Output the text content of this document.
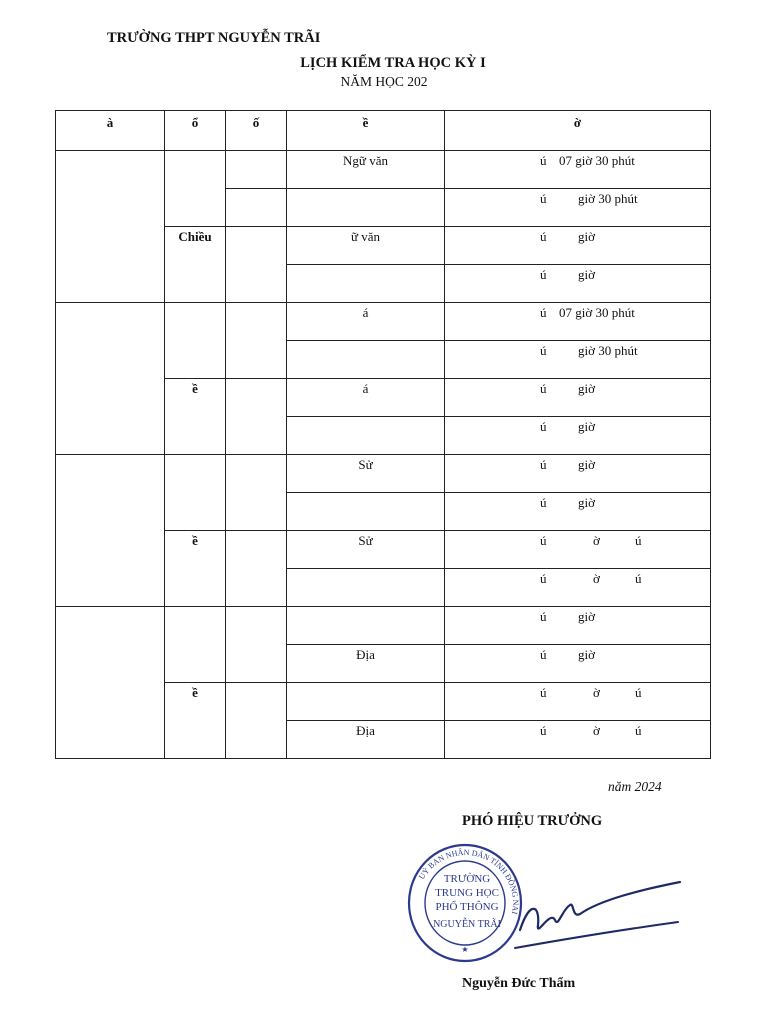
TRƯỜNG THPT NGUYỄN TRÃI
LỊCH KIỂM TRA HỌC KỲ I
NĂM HỌC 202
à	ổ	ố	ề	ờ
			Ngữ văn	ú 07 giờ 30 phút

				ú giờ 30 phút

	Chiều		ữ văn	ú giờ

				ú giờ

			á	ú 07 giờ 30 phút

				ú giờ 30 phút

	ề		á	ú giờ

				ú giờ

			Sử	ú giờ

				ú giờ

	ề		Sử	ú ờ ú

				ú ờ ú

				ú giờ

			Địa	ú giờ

	ề			ú ờ ú

			Địa	ú ờ ú
năm 2024
PHÓ HIỆU TRƯỞNG
UỶ BAN NHÂN DÂN TỈNH ĐỒNG NAI
TRƯỜNG
TRUNG HỌC
PHỔ THÔNG
NGUYỄN TRÃI
★
Nguyễn Đức Thẩm
